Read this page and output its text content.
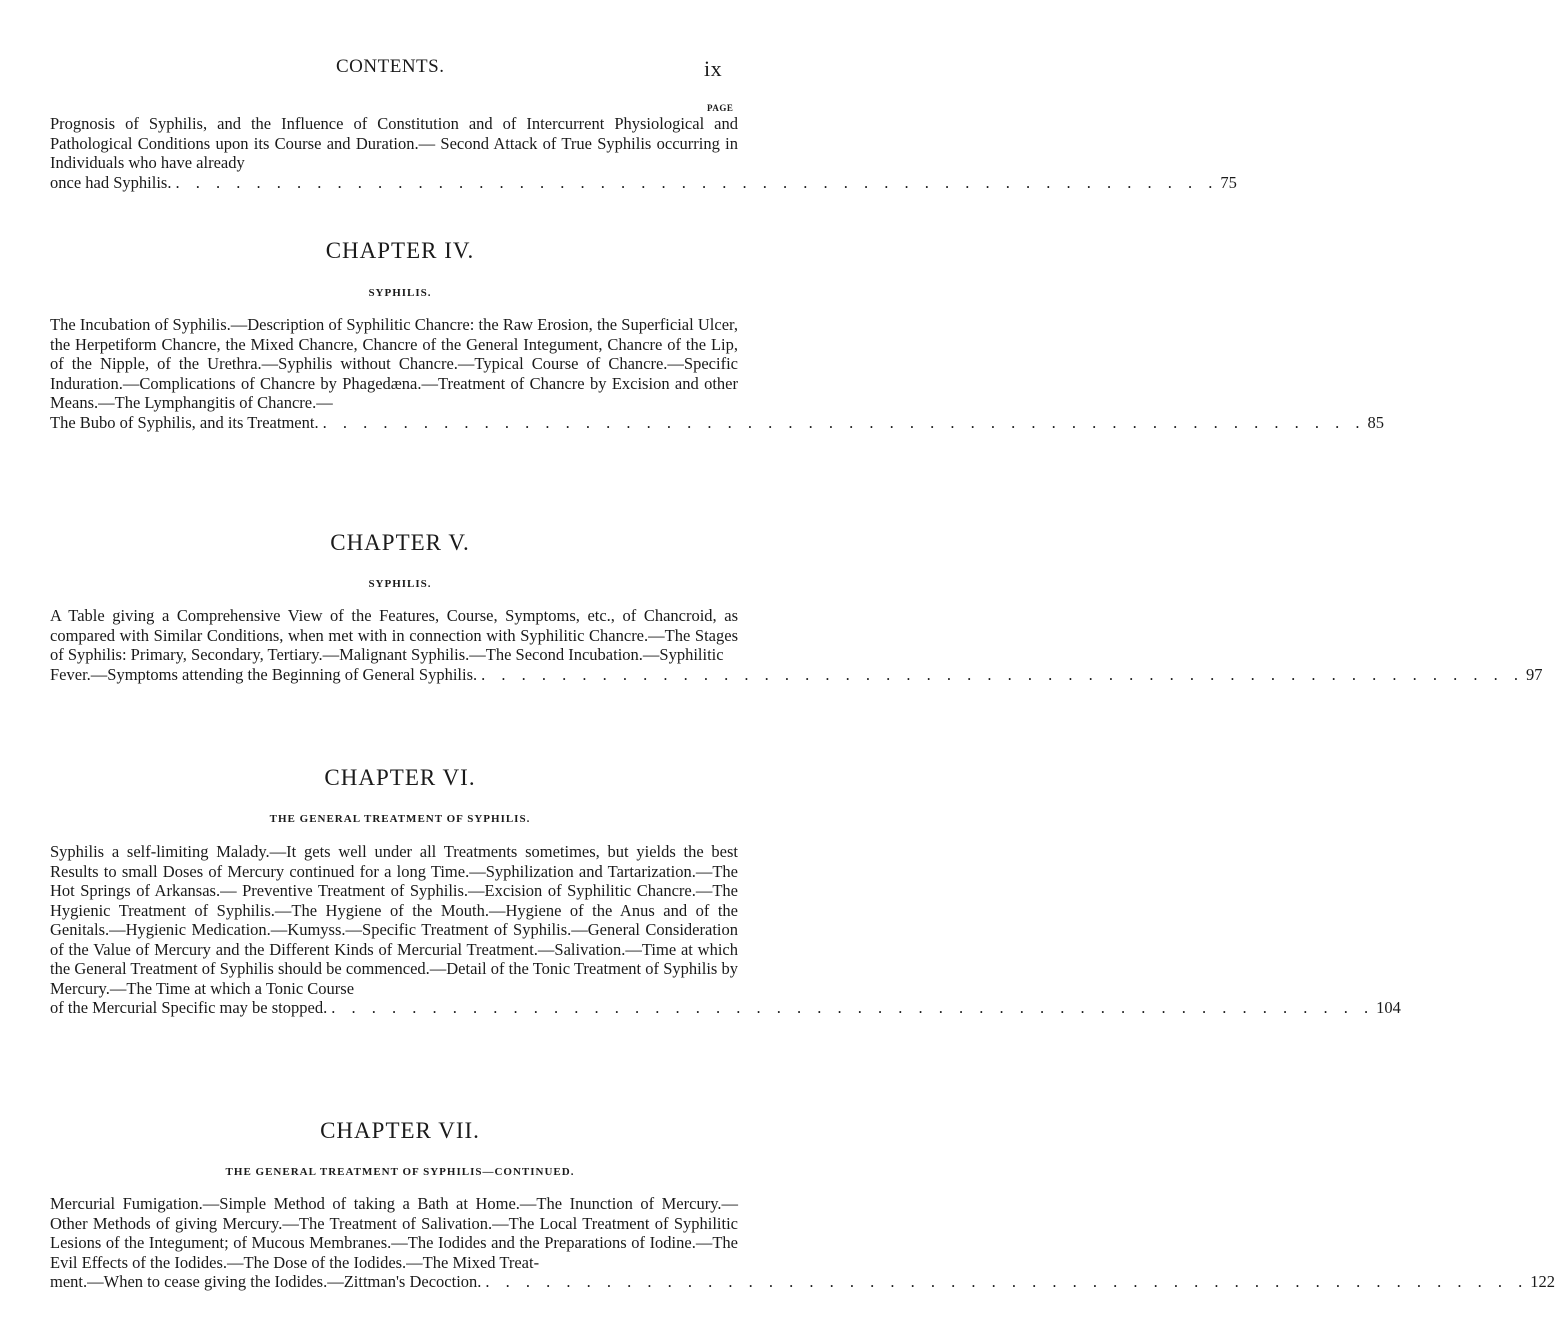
CONTENTS.	ix
PAGE
Prognosis of Syphilis, and the Influence of Constitution and of Intercurrent Physiological and Pathological Conditions upon its Course and Duration.— Second Attack of True Syphilis occurring in Individuals who have already
once had Syphilis. . . . . . . . . . . . . . . . . . . . . . . . . . . . . . . . . . . . . . . . . . . . . . . . . . . . . 75
CHAPTER IV.
SYPHILIS.
The Incubation of Syphilis.—Description of Syphilitic Chancre: the Raw Erosion, the Superficial Ulcer, the Herpetiform Chancre, the Mixed Chancre, Chancre of the General Integument, Chancre of the Lip, of the Nipple, of the Urethra.—Syphilis without Chancre.—Typical Course of Chancre.—Specific Induration.—Complications of Chancre by Phagedæna.—Treatment of Chancre by Excision and other Means.—The Lymphangitis of Chancre.—
The Bubo of Syphilis, and its Treatment. . . . . . . . . . . . . . . . . . . . . . . . . . . . . . . . . . . . . . . . . . . . . . . . . . . . . 85
CHAPTER V.
SYPHILIS.
A Table giving a Comprehensive View of the Features, Course, Symptoms, etc., of Chancroid, as compared with Similar Conditions, when met with in connection with Syphilitic Chancre.—The Stages of Syphilis: Primary, Secondary, Tertiary.—Malignant Syphilis.—The Second Incubation.—Syphilitic
Fever.—Symptoms attending the Beginning of General Syphilis. . . . . . . . . . . . . . . . . . . . . . . . . . . . . . . . . . . . . . . . . . . . . . . . . . . . . 97
CHAPTER VI.
THE GENERAL TREATMENT OF SYPHILIS.
Syphilis a self-limiting Malady.—It gets well under all Treatments sometimes, but yields the best Results to small Doses of Mercury continued for a long Time.—Syphilization and Tartarization.—The Hot Springs of Arkansas.— Preventive Treatment of Syphilis.—Excision of Syphilitic Chancre.—The Hygienic Treatment of Syphilis.—The Hygiene of the Mouth.—Hygiene of the Anus and of the Genitals.—Hygienic Medication.—Kumyss.—Specific Treatment of Syphilis.—General Consideration of the Value of Mercury and the Different Kinds of Mercurial Treatment.—Salivation.—Time at which the General Treatment of Syphilis should be commenced.—Detail of the Tonic Treatment of Syphilis by Mercury.—The Time at which a Tonic Course
of the Mercurial Specific may be stopped. . . . . . . . . . . . . . . . . . . . . . . . . . . . . . . . . . . . . . . . . . . . . . . . . . . . . 104
CHAPTER VII.
THE GENERAL TREATMENT OF SYPHILIS—CONTINUED.
Mercurial Fumigation.—Simple Method of taking a Bath at Home.—The Inunction of Mercury.—Other Methods of giving Mercury.—The Treatment of Salivation.—The Local Treatment of Syphilitic Lesions of the Integument; of Mucous Membranes.—The Iodides and the Preparations of Iodine.—The Evil Effects of the Iodides.—The Dose of the Iodides.—The Mixed Treat-
ment.—When to cease giving the Iodides.—Zittman's Decoction. . . . . . . . . . . . . . . . . . . . . . . . . . . . . . . . . . . . . . . . . . . . . . . . . . . . . 122
